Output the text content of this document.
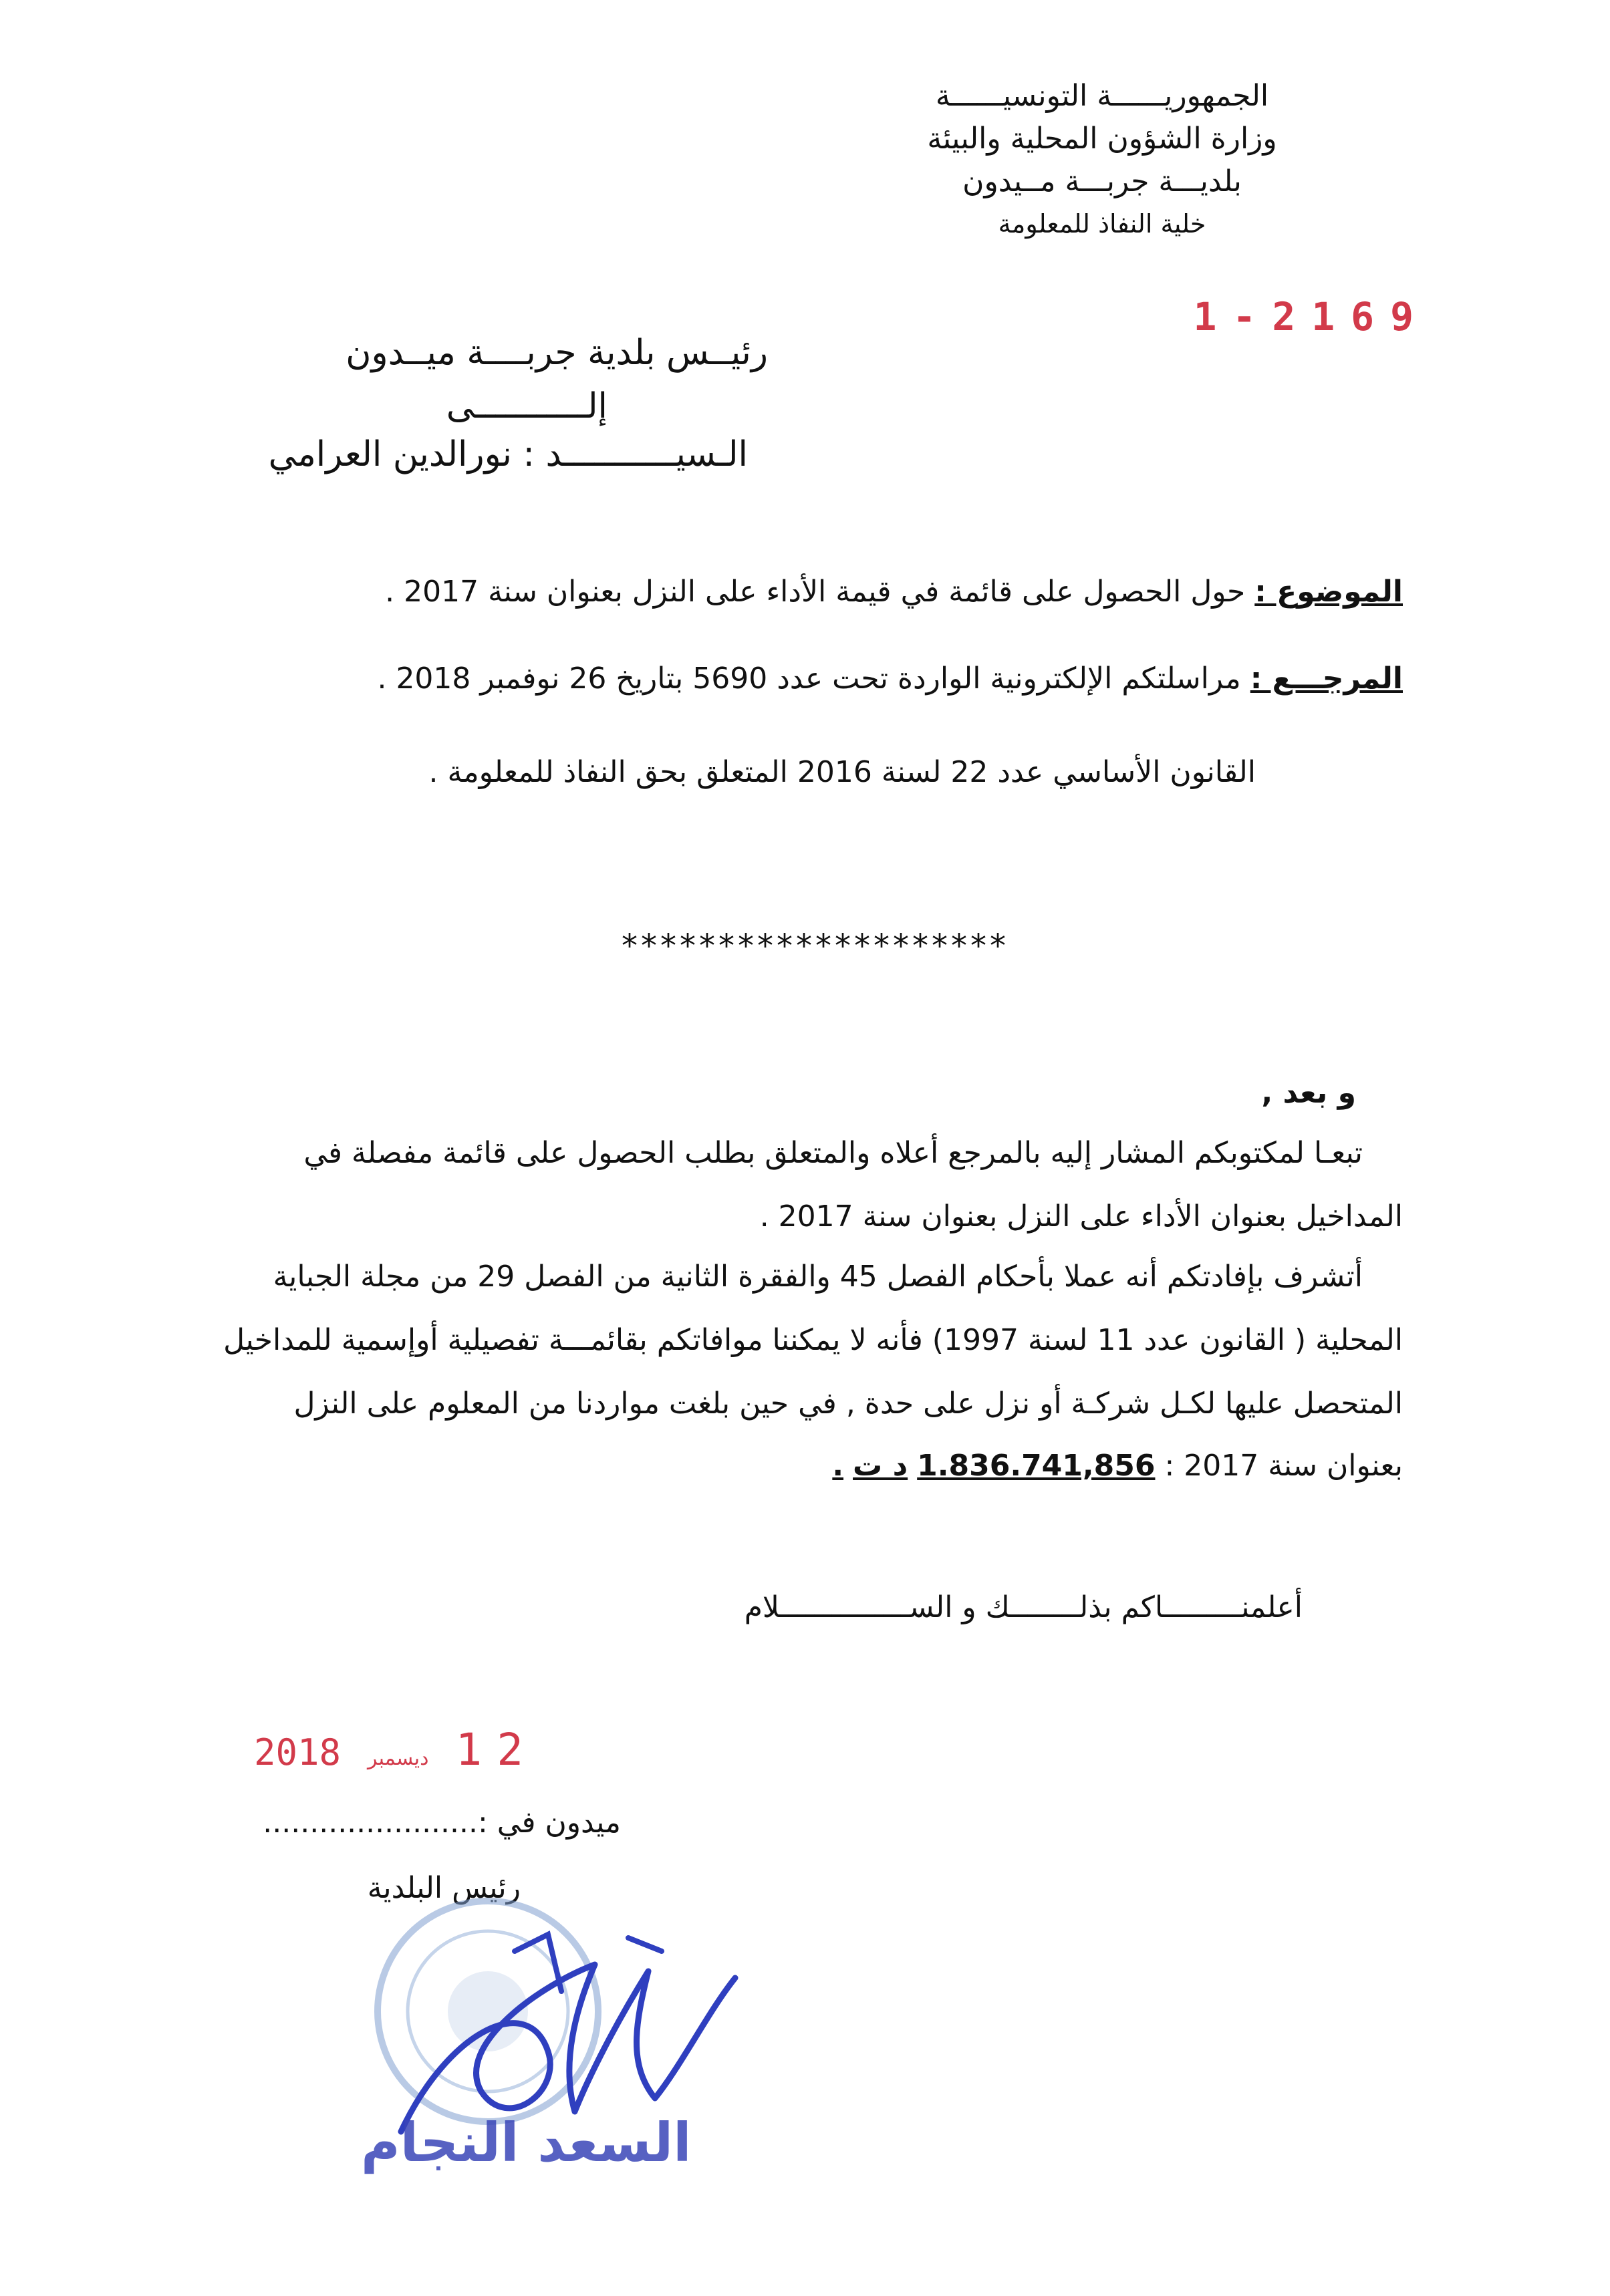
الجمهوريــــــة التونسيــــــة
وزارة الشؤون المحلية والبيئة
بلديـــة جربـــة مــيدون
خلية النفاذ للمعلومة
1-2169
رئيــس بلدية جربــــة ميــدون
إلـــــــــــى
الـسيـــــــــــد : نورالدين العرامي
الموضوع : حول الحصول على قائمة في قيمة الأداء على النزل بعنوان سنة 2017 .
المرجـــع : مراسلتكم الإلكترونية الواردة تحت عدد 5690 بتاريخ 26 نوفمبر 2018 .
القانون الأساسي عدد 22 لسنة 2016 المتعلق بحق النفاذ للمعلومة .
********************
و بعد ,
تبعـا لمكتوبكم المشار إليه بالمرجع أعلاه والمتعلق بطلب الحصول على قائمة مفصلة في
المداخيل بعنوان الأداء على النزل بعنوان سنة 2017 .
أتشرف بإفادتكم أنه عملا بأحكام الفصل 45 والفقرة الثانية من الفصل 29 من مجلة الجباية
المحلية ( القانون عدد 11 لسنة 1997) فأنه لا يمكننا موافاتكم بقائمـــة تفصيلية أوإسمية للمداخيل
المتحصل عليها لكـل شركـة أو نزل على حدة , في حين بلغت مواردنا من المعلوم على النزل
بعنوان سنة 2017 : 1.836.741,856 د ت .
أعلمنـــــــــاكم بذلــــــــك و الســـــــــــــــلام
2018 ديسمبر 12
ميدون في :.......................
رئيس البلدية
السعد النجام
